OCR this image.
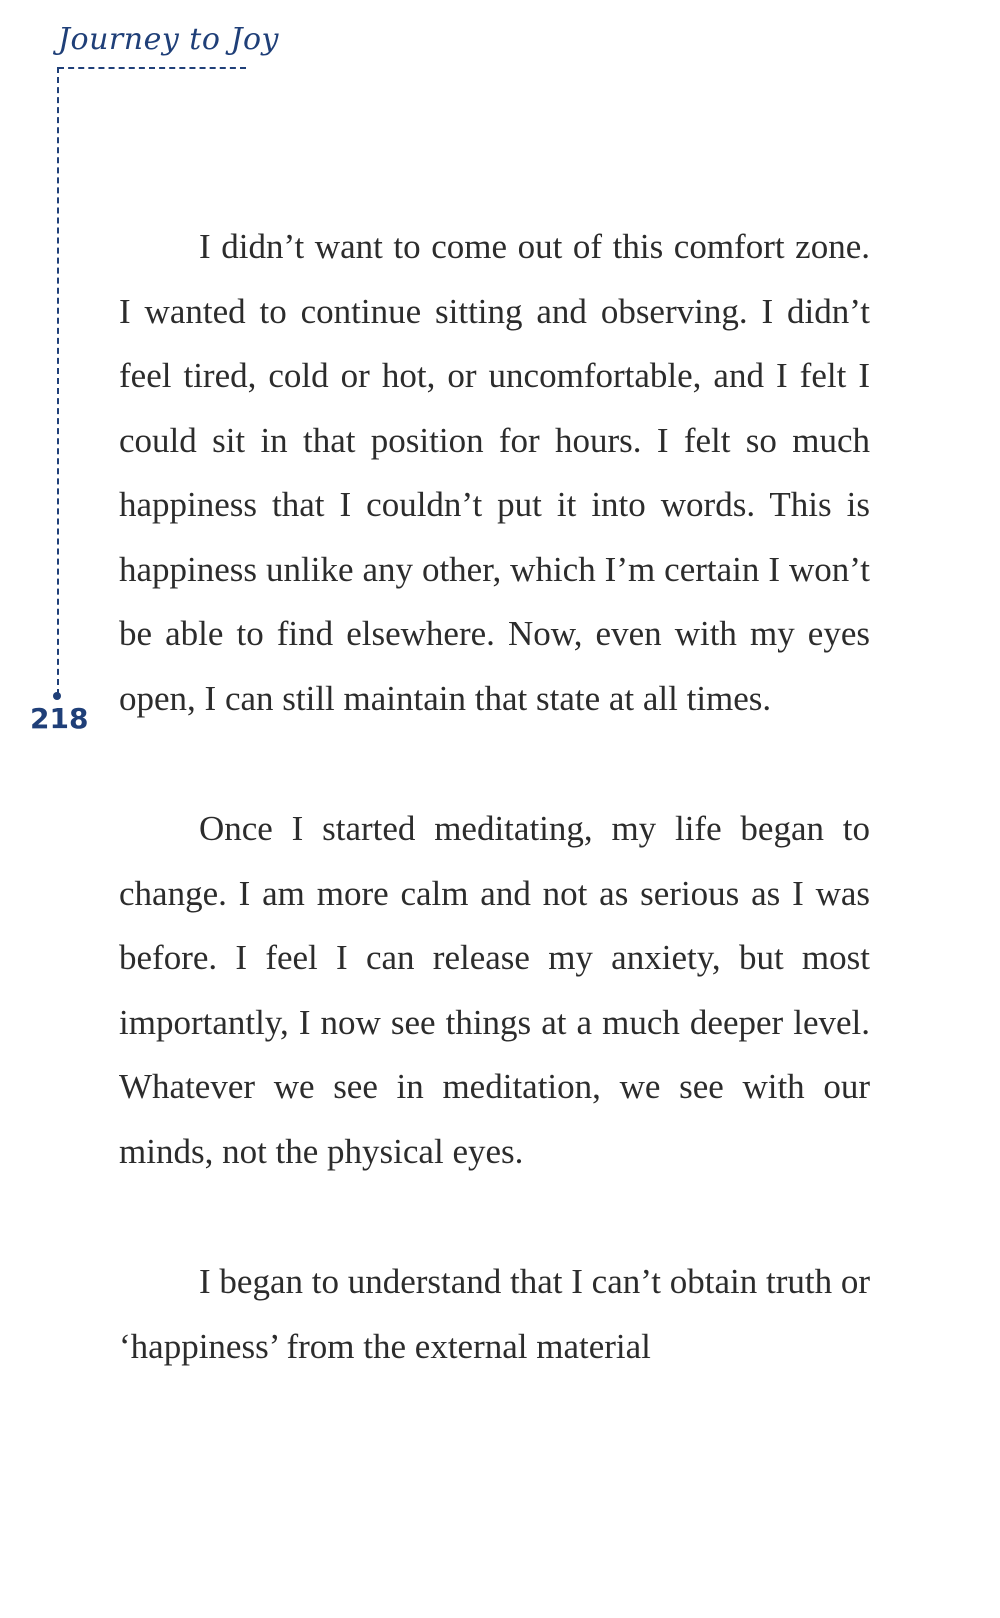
Journey to Joy
218

I didn’t want to come out of this comfort zone. I wanted to continue sitting and observing. I didn’t feel tired, cold or hot, or uncomfortable, and I felt I could sit in that position for hours. I felt so much happiness that I couldn’t put it into words. This is happiness unlike any other, which I’m certain I won’t be able to find elsewhere. Now, even with my eyes open, I can still maintain that state at all times.

Once I started meditating, my life began to change. I am more calm and not as serious as I was before. I feel I can release my anxiety, but most importantly, I now see things at a much deeper level. Whatever we see in meditation, we see with our minds, not the physical eyes.

I began to understand that I can’t obtain truth or ‘happiness’ from the external material
